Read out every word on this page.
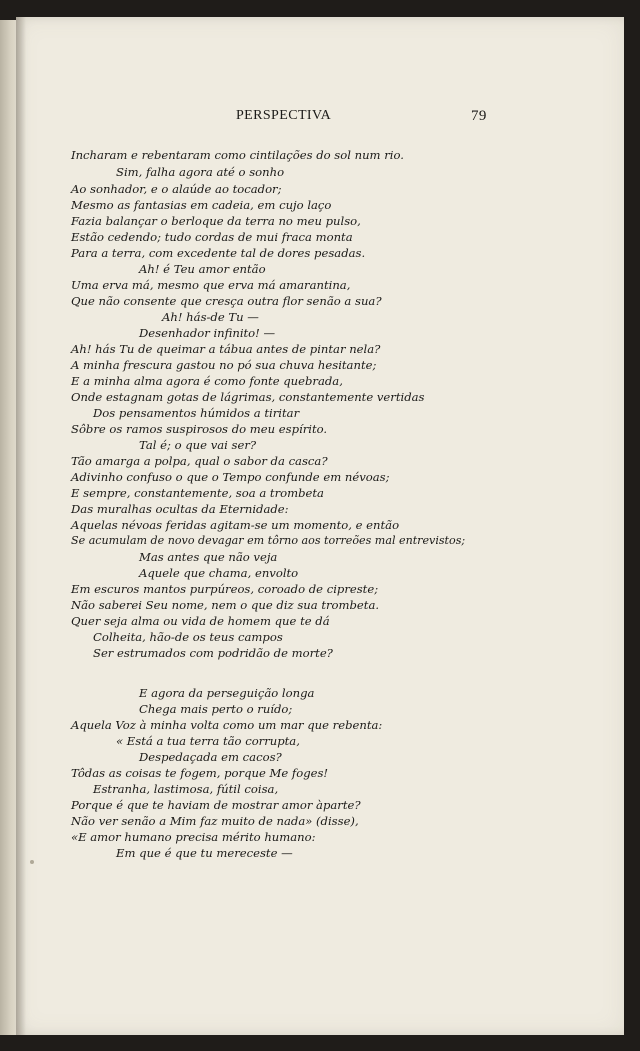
PERSPECTIVA	79
Incharam e rebentaram como cintilações do sol num rio.
Sim, falha agora até o sonho
Ao sonhador, e o alaúde ao tocador;
Mesmo as fantasias em cadeia, em cujo laço
Fazia balançar o berloque da terra no meu pulso,
Estão cedendo; tudo cordas de mui fraca monta
Para a terra, com excedente tal de dores pesadas.
Ah! é Teu amor então
Uma erva má, mesmo que erva má amarantina,
Que não consente que cresça outra flor senão a sua?
Ah! hás-de Tu —
Desenhador infinito! —
Ah! hás Tu de queimar a tábua antes de pintar nela?
A minha frescura gastou no pó sua chuva hesitante;
E a minha alma agora é como fonte quebrada,
Onde estagnam gotas de lágrimas, constantemente vertidas
Dos pensamentos húmidos a tiritar
Sôbre os ramos suspirosos do meu espírito.
Tal é; o que vai ser?
Tão amarga a polpa, qual o sabor da casca?
Adivinho confuso o que o Tempo confunde em névoas;
E sempre, constantemente, soa a trombeta
Das muralhas ocultas da Eternidade:
Aquelas névoas feridas agitam-se um momento, e então
Se acumulam de novo devagar em tôrno aos torreões mal entrevistos;
Mas antes que não veja
Aquele que chama, envolto
Em escuros mantos purpúreos, coroado de cipreste;
Não saberei Seu nome, nem o que diz sua trombeta.
Quer seja alma ou vida de homem que te dá
Colheita, hão-de os teus campos
Ser estrumados com podridão de morte?
E agora da perseguição longa
Chega mais perto o ruído;
Aquela Voz à minha volta como um mar que rebenta:
« Está a tua terra tão corrupta,
Despedaçada em cacos?
Tôdas as coisas te fogem, porque Me foges!
Estranha, lastimosa, fútil coisa,
Porque é que te haviam de mostrar amor àparte?
Não ver senão a Mim faz muito de nada» (disse),
«E amor humano precisa mérito humano:
Em que é que tu mereceste —
